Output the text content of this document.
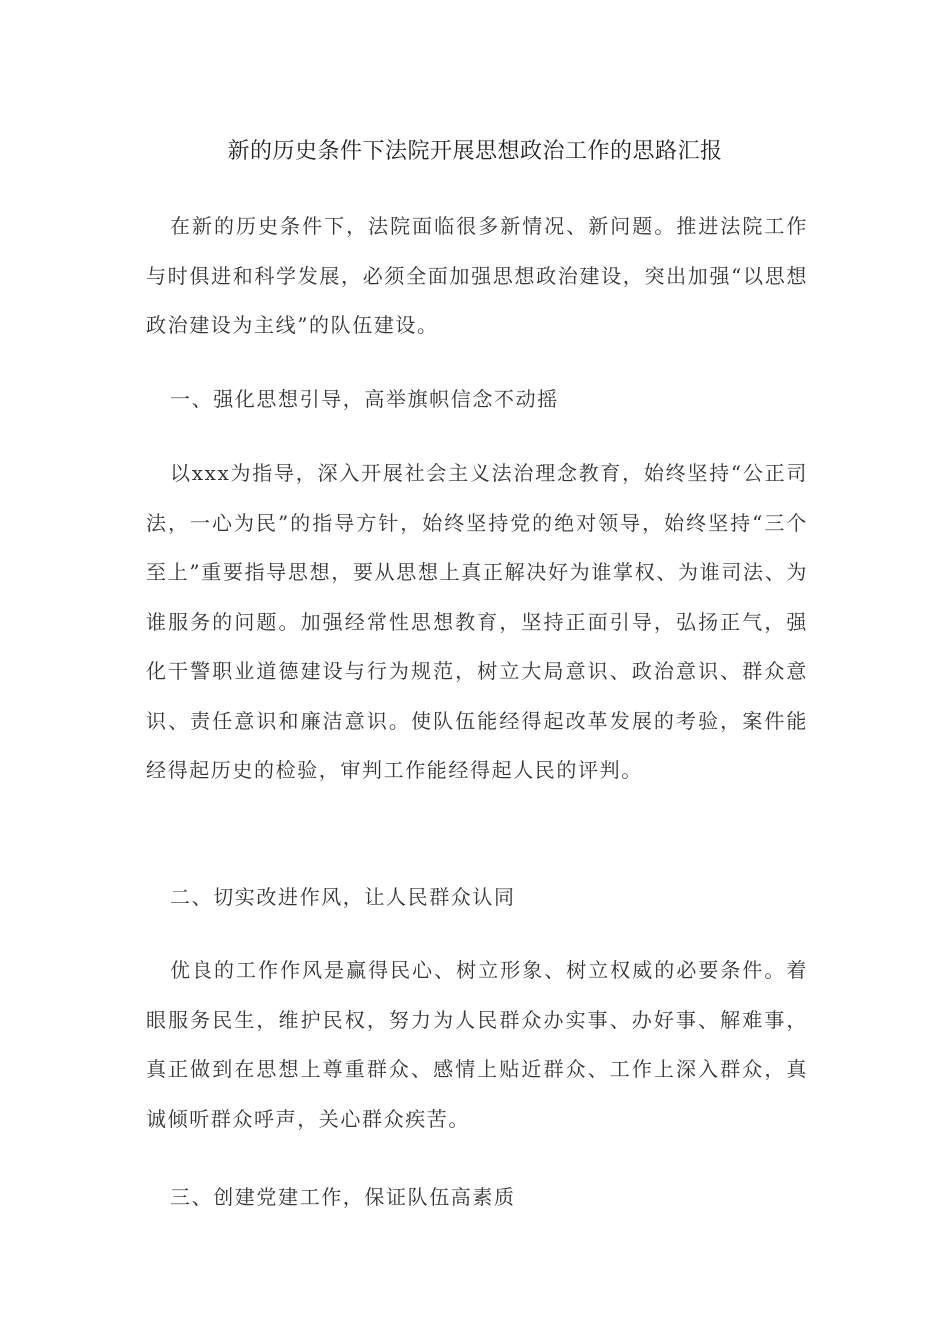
新的历史条件下法院开展思想政治工作的思路汇报

在新的历史条件下，法院面临很多新情况、新问题。推进法院工作与时俱进和科学发展，必须全面加强思想政治建设，突出加强“以思想政治建设为主线”的队伍建设。

一、强化思想引导，高举旗帜信念不动摇

以xxx为指导，深入开展社会主义法治理念教育，始终坚持“公正司法，一心为民”的指导方针，始终坚持党的绝对领导，始终坚持“三个至上”重要指导思想，要从思想上真正解决好为谁掌权、为谁司法、为谁服务的问题。加强经常性思想教育，坚持正面引导，弘扬正气，强化干警职业道德建设与行为规范，树立大局意识、政治意识、群众意识、责任意识和廉洁意识。使队伍能经得起改革发展的考验，案件能经得起历史的检验，审判工作能经得起人民的评判。

二、切实改进作风，让人民群众认同

优良的工作作风是赢得民心、树立形象、树立权威的必要条件。着眼服务民生，维护民权，努力为人民群众办实事、办好事、解难事，真正做到在思想上尊重群众、感情上贴近群众、工作上深入群众，真诚倾听群众呼声，关心群众疾苦。

三、创建党建工作，保证队伍高素质
